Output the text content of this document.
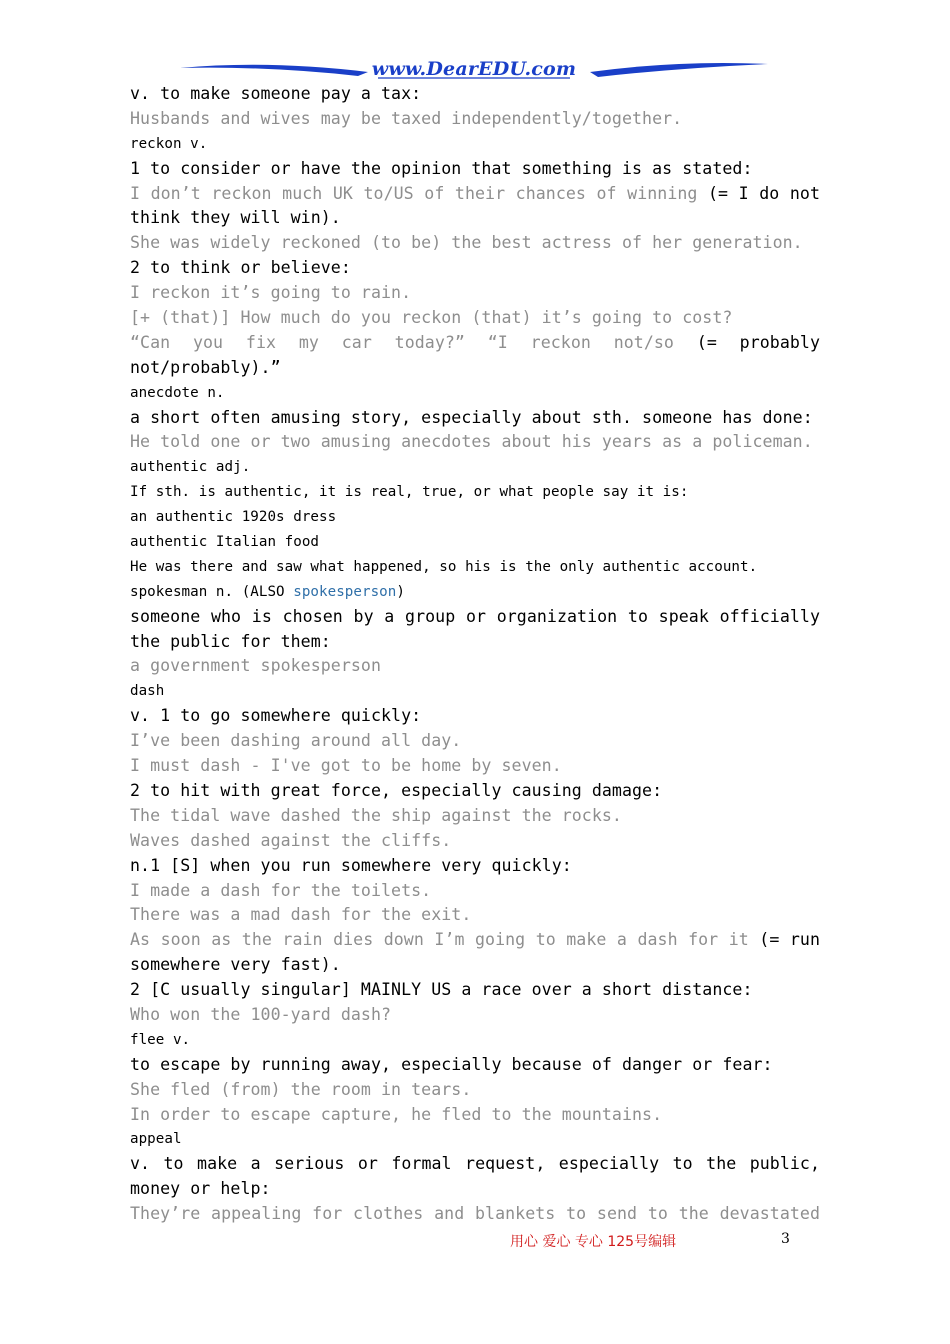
www.DearEDU.com
v. to make someone pay a tax:
Husbands and wives may be taxed independently/together.
reckon v.
1 to consider or have the opinion that something is as stated:
I don’t reckon much UK to/US of their chances of winning (= I do not
think they will win).
She was widely reckoned (to be) the best actress of her generation.
2 to think or believe:
I reckon it’s going to rain.
[+ (that)] How much do you reckon (that) it’s going to cost?
“Can you fix my car today?” “I reckon not/so (= probably
not/probably).”
anecdote n.
a short often amusing story, especially about sth. someone has done:
He told one or two amusing anecdotes about his years as a policeman.
authentic adj.
If sth. is authentic, it is real, true, or what people say it is:
an authentic 1920s dress
authentic Italian food
He was there and saw what happened, so his is the only authentic account.
spokesman n. (ALSO spokesperson)
someone who is chosen by a group or organization to speak officially
the public for them:
a government spokesperson
dash
v. 1 to go somewhere quickly:
I’ve been dashing around all day.
I must dash - I've got to be home by seven.
2 to hit with great force, especially causing damage:
The tidal wave dashed the ship against the rocks.
Waves dashed against the cliffs.
n.1 [S] when you run somewhere very quickly:
I made a dash for the toilets.
There was a mad dash for the exit.
As soon as the rain dies down I’m going to make a dash for it (= run
somewhere very fast).
2 [C usually singular] MAINLY US a race over a short distance:
Who won the 100-yard dash?
flee v.
to escape by running away, especially because of danger or fear:
She fled (from) the room in tears.
In order to escape capture, he fled to the mountains.
appeal
v. to make a serious or formal request, especially to the public,
money or help:
They’re appealing for clothes and blankets to send to the devastated
用心 爱心 专心 125号编辑	3
